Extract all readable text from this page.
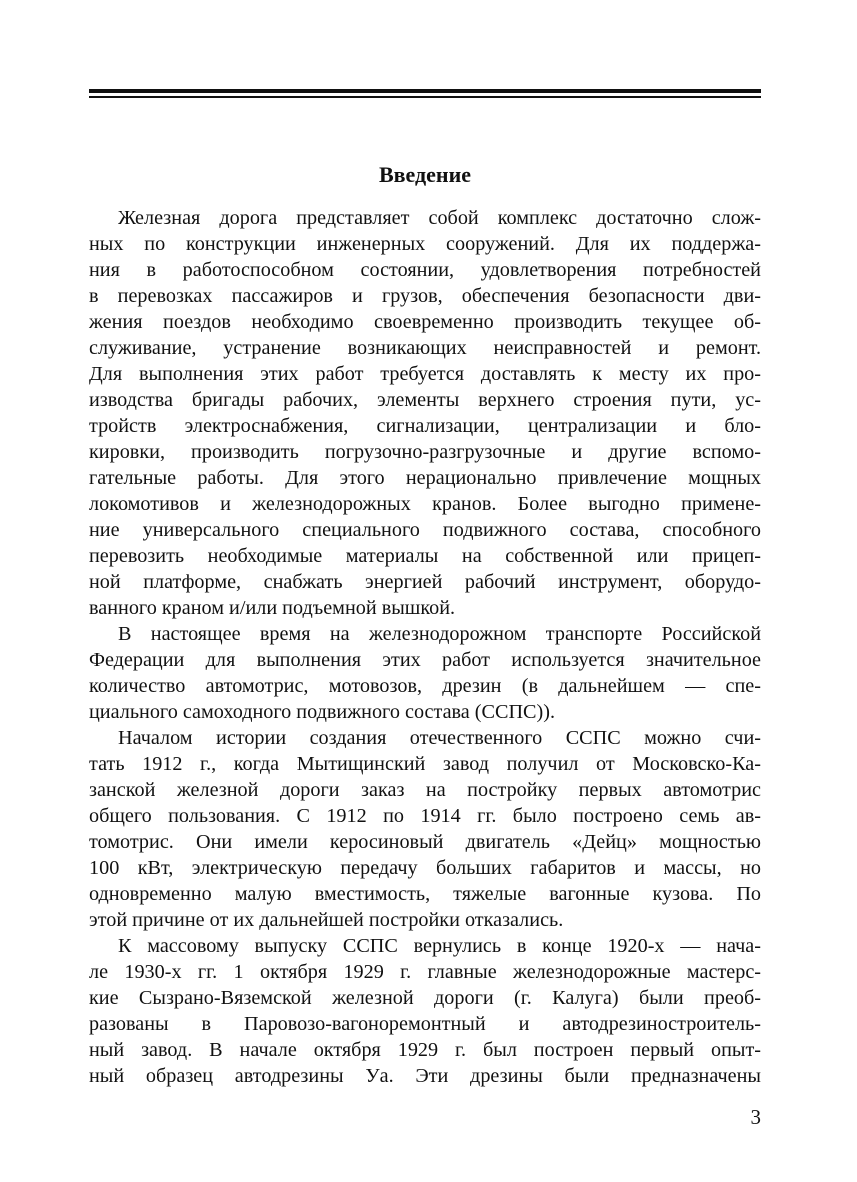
Введение
Железная дорога представляет собой комплекс достаточно слож-
ных по конструкции инженерных сооружений. Для их поддержа-
ния в работоспособном состоянии, удовлетворения потребностей
в перевозках пассажиров и грузов, обеспечения безопасности дви-
жения поездов необходимо своевременно производить текущее об-
служивание, устранение возникающих неисправностей и ремонт.
Для выполнения этих работ требуется доставлять к месту их про-
изводства бригады рабочих, элементы верхнего строения пути, ус-
тройств электроснабжения, сигнализации, централизации и бло-
кировки, производить погрузочно-разгрузочные и другие вспомо-
гательные работы. Для этого нерационально привлечение мощных
локомотивов и железнодорожных кранов. Более выгодно примене-
ние универсального специального подвижного состава, способного
перевозить необходимые материалы на собственной или прицеп-
ной платформе, снабжать энергией рабочий инструмент, оборудо-
ванного краном и/или подъемной вышкой.
В настоящее время на железнодорожном транспорте Российской
Федерации для выполнения этих работ используется значительное
количество автомотрис, мотовозов, дрезин (в дальнейшем — спе-
циального самоходного подвижного состава (ССПС)).
Началом истории создания отечественного ССПС можно счи-
тать 1912 г., когда Мытищинский завод получил от Московско-Ка-
занской железной дороги заказ на постройку первых автомотрис
общего пользования. С 1912 по 1914 гг. было построено семь ав-
томотрис. Они имели керосиновый двигатель «Дейц» мощностью
100 кВт, электрическую передачу больших габаритов и массы, но
одновременно малую вместимость, тяжелые вагонные кузова. По
этой причине от их дальнейшей постройки отказались.
К массовому выпуску ССПС вернулись в конце 1920-х — нача-
ле 1930-х гг. 1 октября 1929 г. главные железнодорожные мастерс-
кие Сызрано-Вяземской железной дороги (г. Калуга) были преоб-
разованы в Паровозо-вагоноремонтный и автодрезиностроитель-
ный завод. В начале октября 1929 г. был построен первый опыт-
ный образец автодрезины Уа. Эти дрезины были предназначены
3
